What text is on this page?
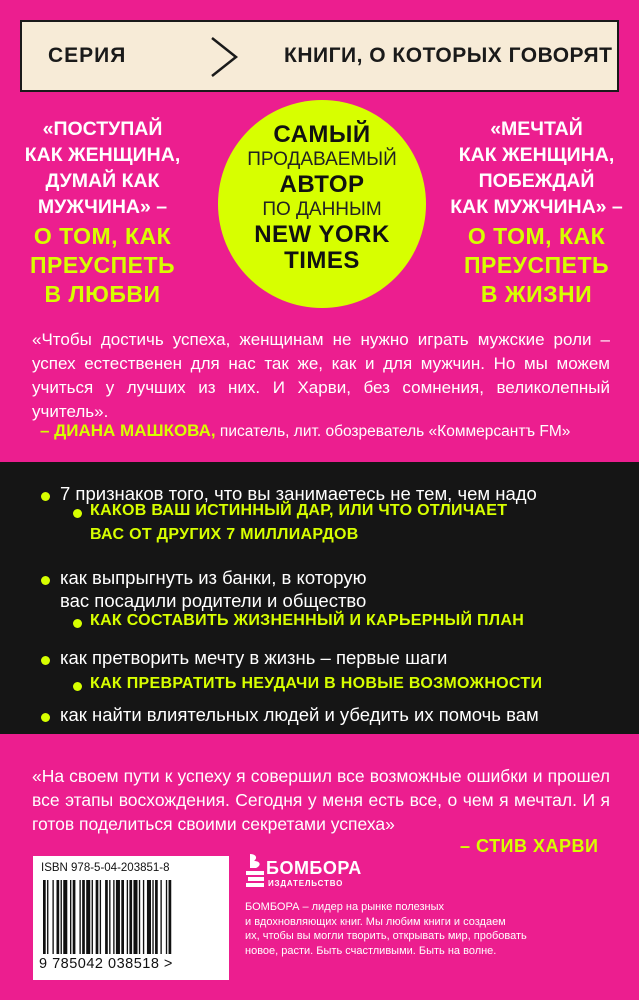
СЕРИЯ	КНИГИ, О КОТОРЫХ ГОВОРЯТ
«ПОСТУПАЙ
КАК ЖЕНЩИНА,
ДУМАЙ КАК
МУЖЧИНА» –
О ТОМ, КАК
ПРЕУСПЕТЬ
В ЛЮБВИ
САМЫЙ
ПРОДАВАЕМЫЙ
АВТОР
ПО ДАННЫМ
NEW YORK
TIMES
«МЕЧТАЙ
КАК ЖЕНЩИНА,
ПОБЕЖДАЙ
КАК МУЖЧИНА» –
О ТОМ, КАК
ПРЕУСПЕТЬ
В ЖИЗНИ
«Чтобы достичь успеха, женщинам не нужно играть мужские роли – успех естественен для нас так же, как и для мужчин. Но мы можем учиться у лучших из них. И Харви, без сомнения, великолепный учитель».
– ДИАНА МАШКОВА, писатель, лит. обозреватель «Коммерсантъ FM»
7 признаков того, что вы занимаетесь не тем, чем надо
КАКОВ ВАШ ИСТИННЫЙ ДАР, ИЛИ ЧТО ОТЛИЧАЕТ
ВАС ОТ ДРУГИХ 7 МИЛЛИАРДОВ
как выпрыгнуть из банки, в которую
вас посадили родители и общество
КАК СОСТАВИТЬ ЖИЗНЕННЫЙ И КАРЬЕРНЫЙ ПЛАН
как претворить мечту в жизнь – первые шаги
КАК ПРЕВРАТИТЬ НЕУДАЧИ В НОВЫЕ ВОЗМОЖНОСТИ
как найти влиятельных людей и убедить их помочь вам
«На своем пути к успеху я совершил все возможные ошибки и прошел все этапы восхождения. Сегодня у меня есть все, о чем я мечтал. И я готов поделиться своими секретами успеха»
– СТИВ ХАРВИ
ISBN 978-5-04-203851-8
9 785042 038518 >
БОМБОРА
ИЗДАТЕЛЬСТВО
БОМБОРА – лидер на рынке полезных
и вдохновляющих книг. Мы любим книги и создаем
их, чтобы вы могли творить, открывать мир, пробовать
новое, расти. Быть счастливыми. Быть на волне.
